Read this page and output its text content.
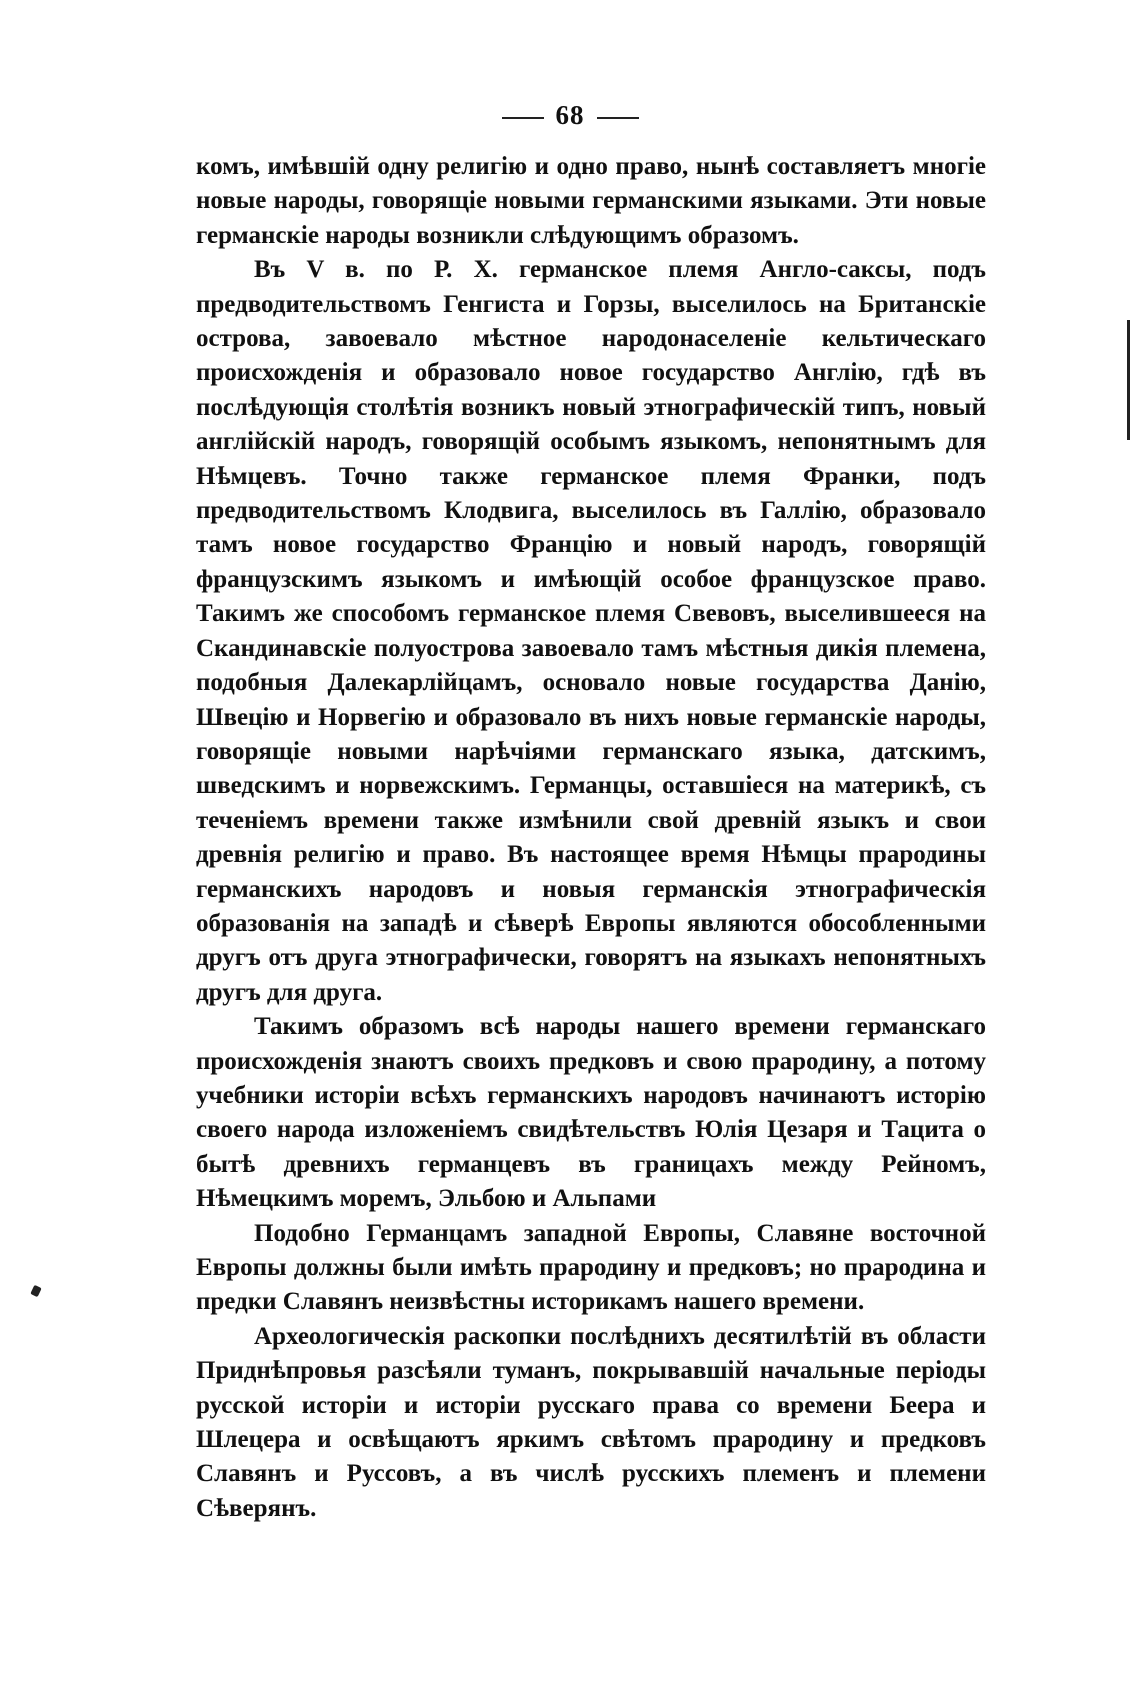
68

комъ, имѣвшій одну религію и одно право, нынѣ составляетъ многіе новые народы, говорящіе новыми германскими языками. Эти новые германскіе народы возникли слѣдующимъ образомъ.

Въ V в. по Р. Х. германское племя Англо-саксы, подъ предводительствомъ Генгиста и Горзы, выселилось на Британскіе острова, завоевало мѣстное народонаселеніе кельтическаго происхожденія и образовало новое государство Англію, гдѣ въ послѣдующія столѣтія возникъ новый этнографическій типъ, новый англійскій народъ, говорящій особымъ языкомъ, непонятнымъ для Нѣмцевъ. Точно также германское племя Франки, подъ предводительствомъ Клодвига, выселилось въ Галлію, образовало тамъ новое государство Францію и новый народъ, говорящій французскимъ языкомъ и имѣющій особое французское право. Такимъ же способомъ германское племя Свевовъ, выселившееся на Скандинавскіе полуострова завоевало тамъ мѣстныя дикія племена, подобныя Далекарлійцамъ, основало новые государства Данію, Швецію и Норвегію и образовало въ нихъ новые германскіе народы, говорящіе новыми нарѣчіями германскаго языка, датскимъ, шведскимъ и норвежскимъ. Германцы, оставшіеся на материкѣ, съ теченіемъ времени также измѣнили свой древній языкъ и свои древнія религію и право. Въ настоящее время Нѣмцы прародины германскихъ народовъ и новыя германскія этнографическія образованія на западѣ и сѣверѣ Европы являются обособленными другъ отъ друга этнографически, говорятъ на языкахъ непонятныхъ другъ для друга.

Такимъ образомъ всѣ народы нашего времени германскаго происхожденія знаютъ своихъ предковъ и свою прародину, а потому учебники исторіи всѣхъ германскихъ народовъ начинаютъ исторію своего народа изложеніемъ свидѣтельствъ Юлія Цезаря и Тацита о бытѣ древнихъ германцевъ въ границахъ между Рейномъ, Нѣмецкимъ моремъ, Эльбою и Альпами

Подобно Германцамъ западной Европы, Славяне восточной Европы должны были имѣть прародину и предковъ; но прародина и предки Славянъ неизвѣстны историкамъ нашего времени.

Археологическія раскопки послѣднихъ десятилѣтій въ области Приднѣпровья разсѣяли туманъ, покрывавшій начальные періоды русской исторіи и исторіи русскаго права со времени Беера и Шлецера и освѣщаютъ яркимъ свѣтомъ прародину и предковъ Славянъ и Руссовъ, а въ числѣ русскихъ племенъ и племени Сѣверянъ.
